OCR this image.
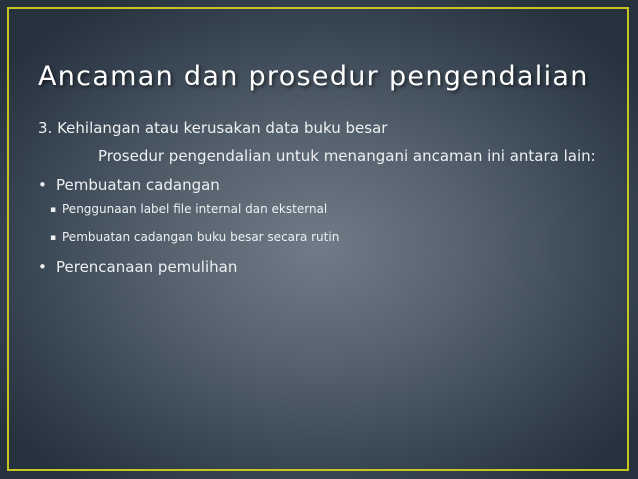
Ancaman dan prosedur pengendalian

3. Kehilangan atau kerusakan data buku besar

Prosedur pengendalian untuk menangani ancaman ini antara lain:

• Pembuatan cadangan

▪ Penggunaan label file internal dan eksternal

▪ Pembuatan cadangan buku besar secara rutin

• Perencanaan pemulihan
